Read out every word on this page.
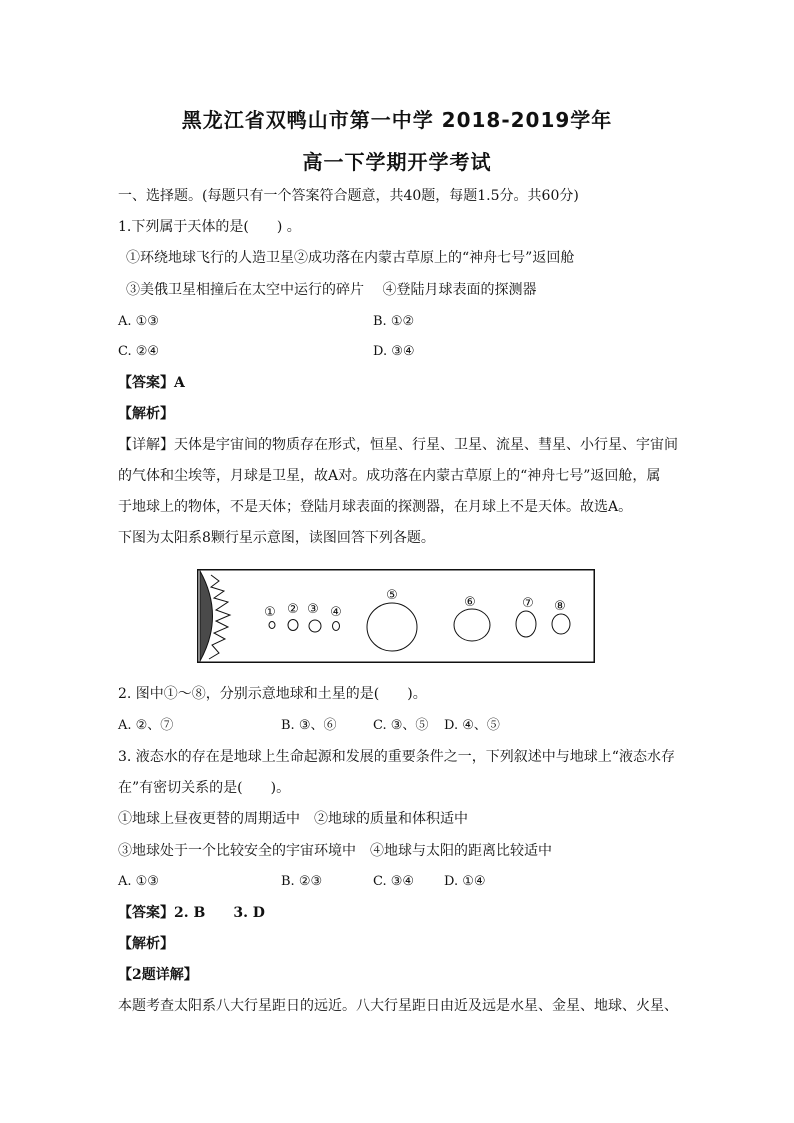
黑龙江省双鸭山市第一中学 2018-2019学年
高一下学期开学考试
一、选择题。(每题只有一个答案符合题意，共40题，每题1.5分。共60分)
1.下列属于天体的是(　　) 。
①环绕地球飞行的人造卫星②成功落在内蒙古草原上的“神舟七号”返回舱
③美俄卫星相撞后在太空中运行的碎片　 ④登陆月球表面的探测器
A. ①③	B. ①②
C. ②④	D. ③④
【答案】A
【解析】
【详解】天体是宇宙间的物质存在形式，恒星、行星、卫星、流星、彗星、小行星、宇宙间
的气体和尘埃等，月球是卫星，故A对。成功落在内蒙古草原上的“神舟七号”返回舱，属
于地球上的物体，不是天体；登陆月球表面的探测器，在月球上不是天体。故选A。
下图为太阳系8颗行星示意图，读图回答下列各题。
① ② ③ ④
⑤	⑥	⑦ ⑧
2. 图中①～⑧，分别示意地球和土星的是(　　)。
A. ②、⑦	B. ③、⑥	C. ③、⑤ D. ④、⑤
3. 液态水的存在是地球上生命起源和发展的重要条件之一，下列叙述中与地球上“液态水存
在”有密切关系的是(　　)。
①地球上昼夜更替的周期适中　②地球的质量和体积适中
③地球处于一个比较安全的宇宙环境中　④地球与太阳的距离比较适中
A. ①③	B. ②③	C. ③④ D. ①④
【答案】2. B　　3. D
【解析】
【2题详解】
本题考查太阳系八大行星距日的远近。八大行星距日由近及远是水星、金星、地球、火星、
